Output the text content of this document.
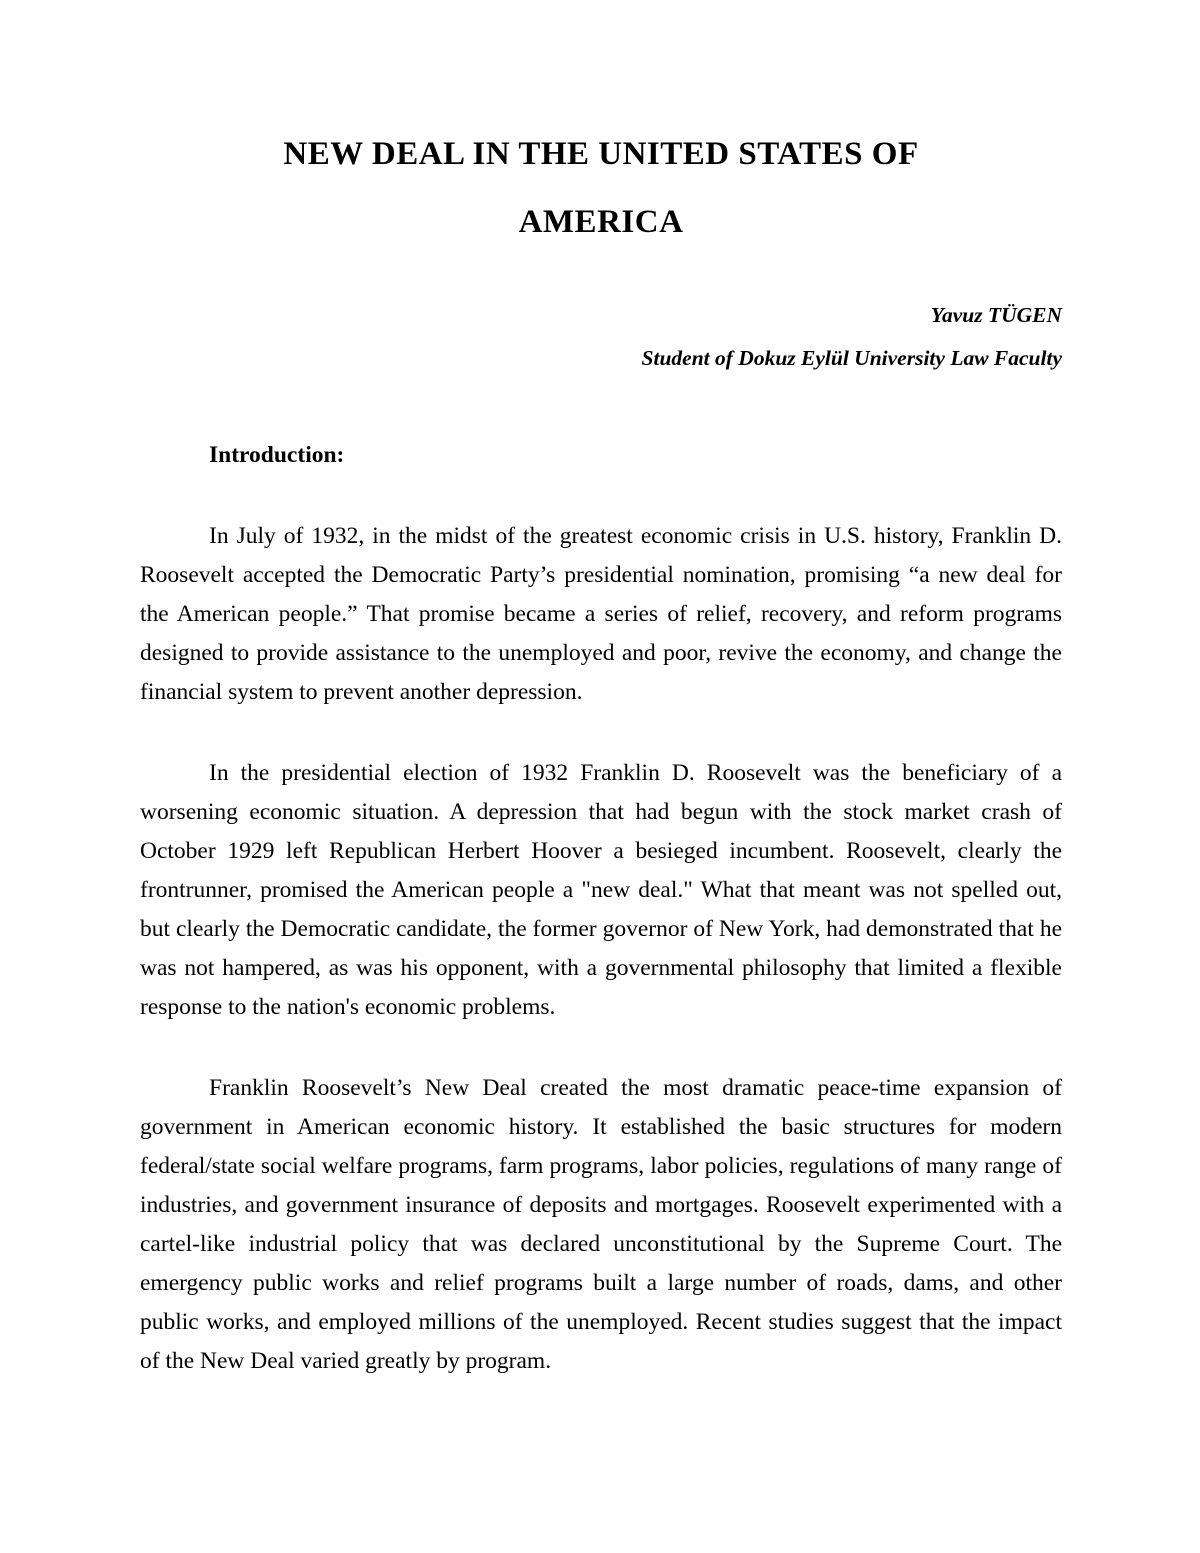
NEW DEAL IN THE UNITED STATES OF
AMERICA
Yavuz TÜGEN
Student of Dokuz Eylül University Law Faculty
Introduction:

In July of 1932, in the midst of the greatest economic crisis in U.S. history, Franklin D. Roosevelt accepted the Democratic Party’s presidential nomination, promising “a new deal for the American people.” That promise became a series of relief, recovery, and reform programs designed to provide assistance to the unemployed and poor, revive the economy, and change the financial system to prevent another depression.

In the presidential election of 1932 Franklin D. Roosevelt was the beneficiary of a worsening economic situation. A depression that had begun with the stock market crash of October 1929 left Republican Herbert Hoover a besieged incumbent. Roosevelt, clearly the frontrunner, promised the American people a "new deal." What that meant was not spelled out, but clearly the Democratic candidate, the former governor of New York, had demonstrated that he was not hampered, as was his opponent, with a governmental philosophy that limited a flexible response to the nation's economic problems.

Franklin Roosevelt’s New Deal created the most dramatic peace-time expansion of government in American economic history. It established the basic structures for modern federal/state social welfare programs, farm programs, labor policies, regulations of many range of industries, and government insurance of deposits and mortgages. Roosevelt experimented with a cartel-like industrial policy that was declared unconstitutional by the Supreme Court. The emergency public works and relief programs built a large number of roads, dams, and other public works, and employed millions of the unemployed. Recent studies suggest that the impact of the New Deal varied greatly by program.
